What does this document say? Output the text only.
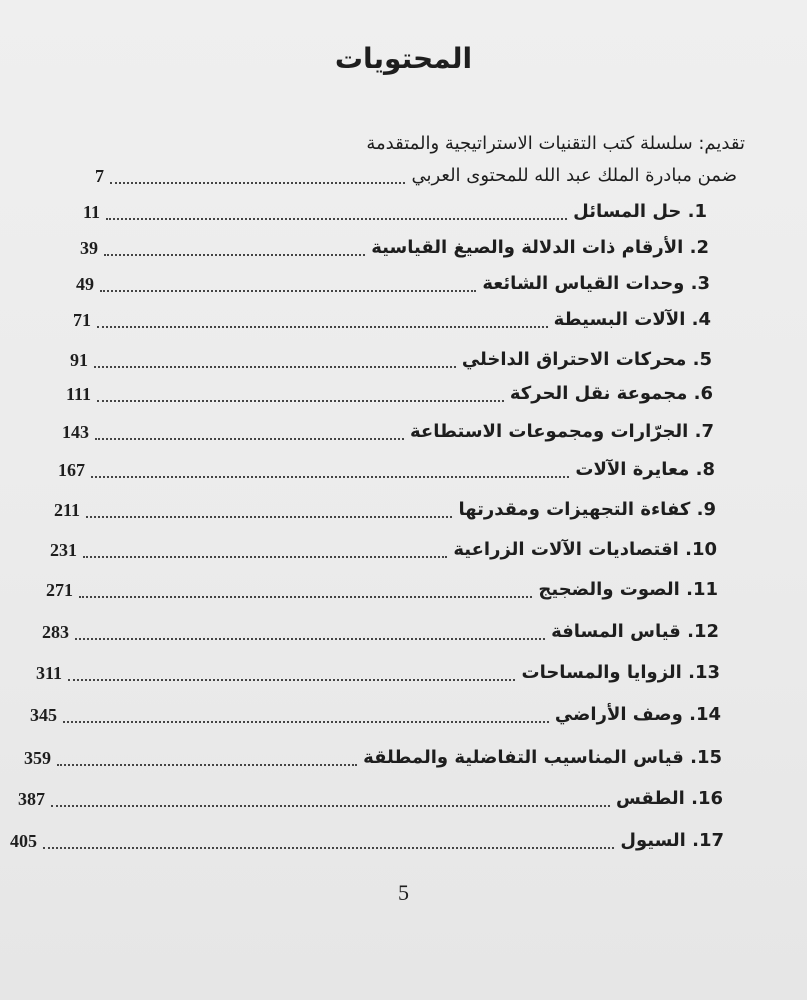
المحتويات
تقديم: سلسلة كتب التقنيات الاستراتيجية والمتقدمة
ضمن مبادرة الملك عبد الله للمحتوى العربي
7
1. حل المسائل
11
2. الأرقام ذات الدلالة والصيغ القياسية
39
3. وحدات القياس الشائعة
49
4. الآلات البسيطة
71
5. محركات الاحتراق الداخلي
91
6. مجموعة نقل الحركة
111
7. الجرّارات ومجموعات الاستطاعة
143
8. معايرة الآلات
167
9. كفاءة التجهيزات ومقدرتها
211
10. اقتصاديات الآلات الزراعية
231
11. الصوت والضجيج
271
12. قياس المسافة
283
13. الزوايا والمساحات
311
14. وصف الأراضي
345
15. قياس المناسيب التفاضلية والمطلقة
359
16. الطقس
387
17. السيول
405
5
